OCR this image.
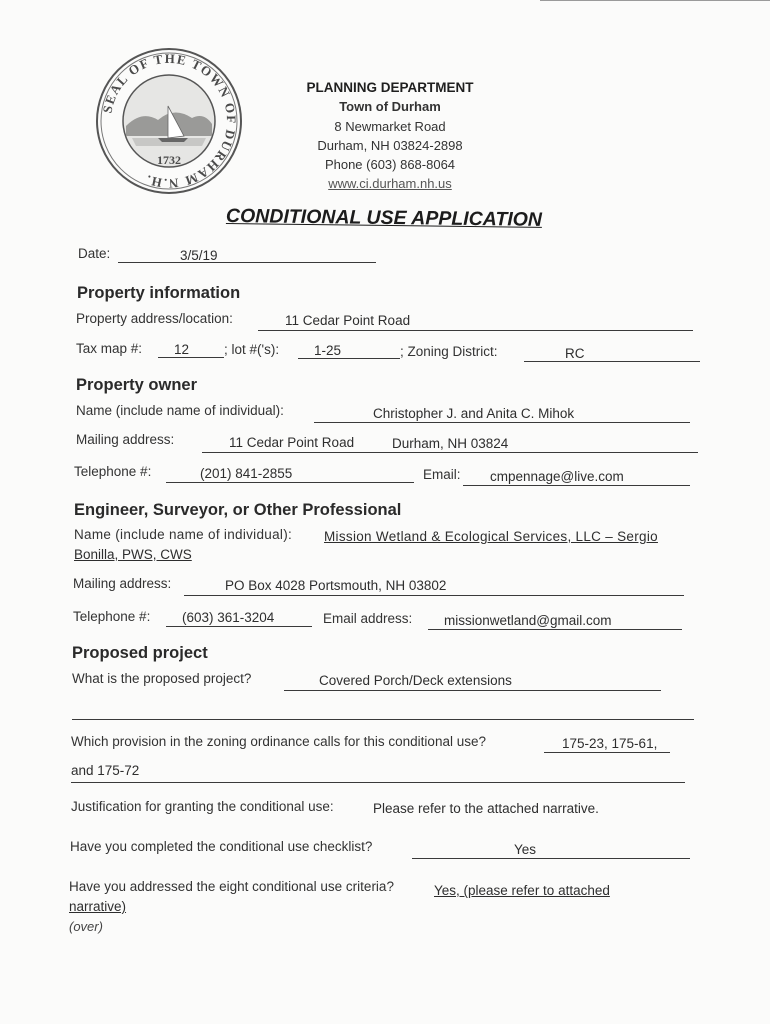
SEAL OF THE TOWN OF DURHAM N.H.
1732
PLANNING DEPARTMENT
Town of Durham
8 Newmarket Road
Durham, NH 03824-2898
Phone (603) 868-8064
www.ci.durham.nh.us
CONDITIONAL USE APPLICATION
Date:	3/5/19
Property information
Property address/location:	11 Cedar Point Road
Tax map #: 12	; lot #('s):	1-25	; Zoning District:	RC
Property owner
Name (include name of individual):	Christopher J. and Anita C. Mihok
Mailing address:	11 Cedar Point Road	Durham, NH 03824
Telephone #:	(201) 841-2855	Email: cmpennage@live.com
Engineer, Surveyor, or Other Professional
Name (include name of individual): Mission Wetland & Ecological Services, LLC – Sergio
Bonilla, PWS, CWS
Mailing address:	PO Box 4028 Portsmouth, NH 03802
Telephone #: (603) 361-3204	Email address: missionwetland@gmail.com
Proposed project
What is the proposed project?	Covered Porch/Deck extensions
Which provision in the zoning ordinance calls for this conditional use?	175-23, 175-61,
and 175-72
Justification for granting the conditional use:	Please refer to the attached narrative.
Have you completed the conditional use checklist?	Yes
Have you addressed the eight conditional use criteria?	Yes, (please refer to attached
narrative)
(over)
